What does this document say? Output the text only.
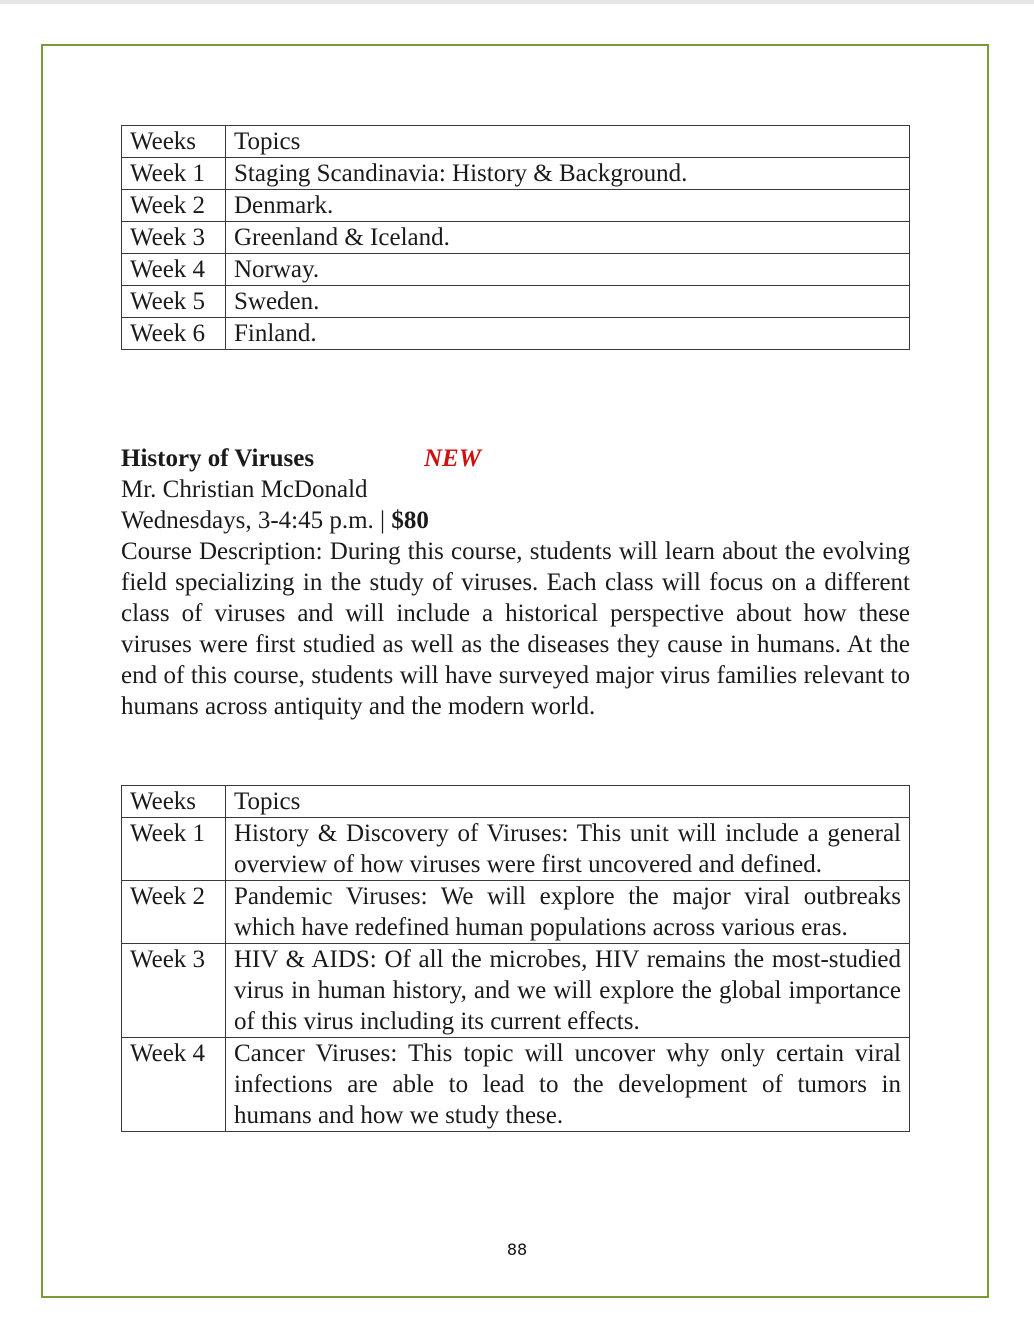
Weeks	Topics
Week 1	Staging Scandinavia: History & Background.
Week 2	Denmark.
Week 3	Greenland & Iceland.
Week 4	Norway.
Week 5	Sweden.
Week 6	Finland.
History of Viruses	NEW
Mr. Christian McDonald
Wednesdays, 3-4:45 p.m. | $80
Course Description: During this course, students will learn about the evolving field specializing in the study of viruses. Each class will focus on a different class of viruses and will include a historical perspective about how these viruses were first studied as well as the diseases they cause in humans. At the end of this course, students will have surveyed major virus families relevant to humans across antiquity and the modern world.
Weeks	Topics
Week 1	History & Discovery of Viruses: This unit will include a general overview of how viruses were first uncovered and defined.
Week 2	Pandemic Viruses: We will explore the major viral outbreaks which have redefined human populations across various eras.
Week 3	HIV & AIDS: Of all the microbes, HIV remains the most-studied virus in human history, and we will explore the global importance of this virus including its current effects.
Week 4	Cancer Viruses: This topic will uncover why only certain viral infections are able to lead to the development of tumors in humans and how we study these.
88
